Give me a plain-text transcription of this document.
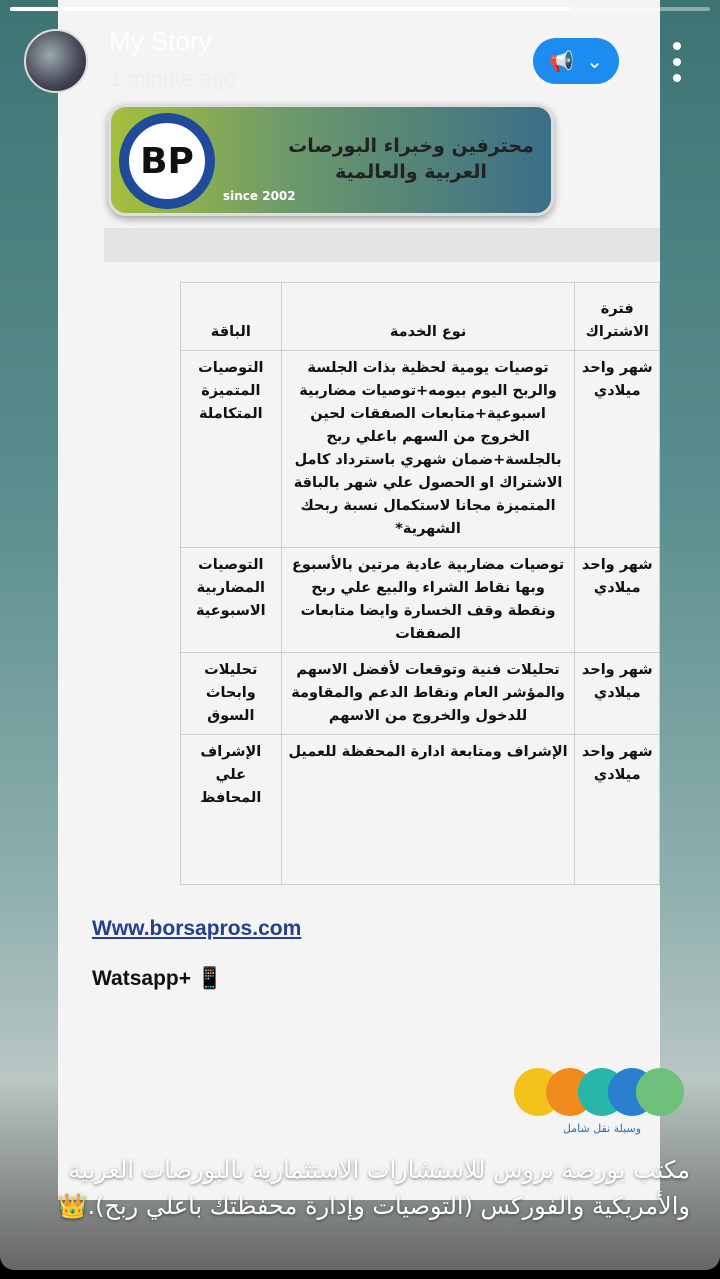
BP
since 2002
محترفين وخبراء البورصات العربية والعالمية
فترة الاشتراك	نوع الخدمة	الباقة
شهر واحد ميلادي	توصيات يومية لحظية بذات الجلسة والربح اليوم بيومه+توصيات مضاربية اسبوعية+متابعات الصفقات لحين الخروج من السهم باعلي ربح بالجلسة+ضمان شهري باسترداد كامل الاشتراك او الحصول علي شهر بالباقة المتميزة مجانا لاستكمال نسبة ربحك الشهرية*	التوصيات المتميزة المتكاملة
شهر واحد ميلادي	توصيات مضاربية عادية مرتين بالأسبوع وبها نقاط الشراء والبيع علي ربح ونقطة وقف الخسارة وايضا متابعات الصفقات	التوصيات المضاربية الاسبوعية
شهر واحد ميلادي	تحليلات فنية وتوقعات لأفضل الاسهم والمؤشر العام ونقاط الدعم والمقاومة للدخول والخروج من الاسهم	تحليلات وابحاث السوق
شهر واحد ميلادي	الإشراف ومتابعة ادارة المحفظة للعميل	الإشراف علي المحافظ
Www.borsapros.com
Watsapp+ 📱
My Story
1 minute ago
📢 ⌄
وسيلة نقل شامل
مكتب بورصة بروس للاستشارات الاستثمارية بالبورصات العربية والأمريكية والفوركس (التوصيات وإدارة محفظتك باعلي ربح).👑
